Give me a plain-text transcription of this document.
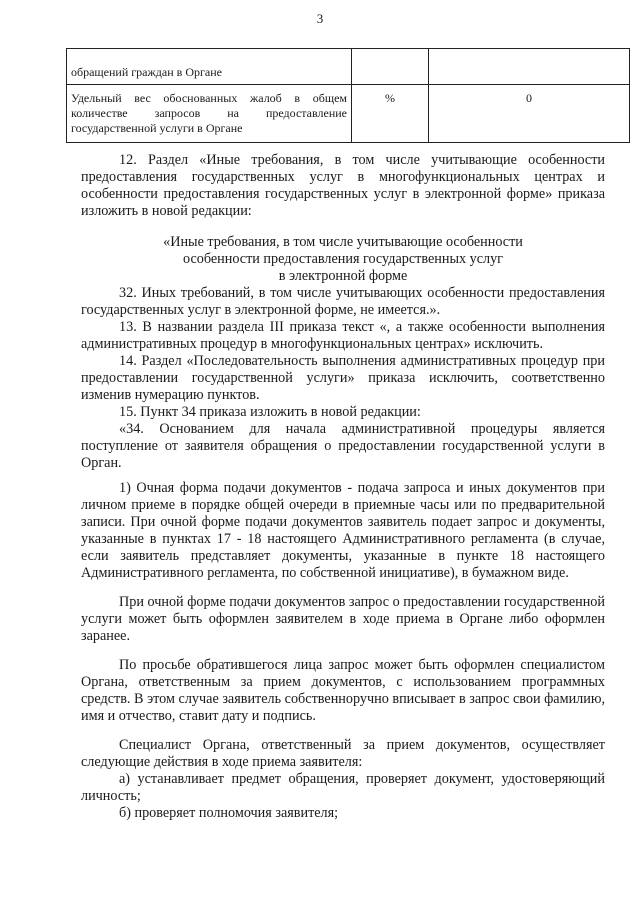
3
обращений граждан в Органе		
Удельный вес обоснованных жалоб в общем количестве запросов на предоставление государственной услуги в Органе	%	0

12. Раздел «Иные требования, в том числе учитывающие особенности предоставления государственных услуг в многофункциональных центрах и особенности предоставления государственных услуг в электронной форме» приказа изложить в новой редакции:

«Иные требования, в том числе учитывающие особенности

особенности предоставления государственных услуг

в электронной форме

32. Иных требований, в том числе учитывающих особенности предоставления государственных услуг в электронной форме, не имеется.».

13. В названии раздела III приказа текст «, а также особенности выполнения административных процедур в многофункциональных центрах» исключить.

14. Раздел «Последовательность выполнения административных процедур при предоставлении государственной услуги» приказа исключить, соответственно изменив нумерацию пунктов.

15. Пункт 34 приказа изложить в новой редакции:

«34. Основанием для начала административной процедуры является поступление от заявителя обращения о предоставлении государственной услуги в Орган.

1) Очная форма подачи документов - подача запроса и иных документов при личном приеме в порядке общей очереди в приемные часы или по предварительной записи. При очной форме подачи документов заявитель подает запрос и документы, указанные в пунктах 17 - 18 настоящего Административного регламента (в случае, если заявитель представляет документы, указанные в пункте 18 настоящего Административного регламента, по собственной инициативе), в бумажном виде.

При очной форме подачи документов запрос о предоставлении государственной услуги может быть оформлен заявителем в ходе приема в Органе либо оформлен заранее.

По просьбе обратившегося лица запрос может быть оформлен специалистом Органа, ответственным за прием документов, с использованием программных средств. В этом случае заявитель собственноручно вписывает в запрос свои фамилию, имя и отчество, ставит дату и подпись.

Специалист Органа, ответственный за прием документов, осуществляет следующие действия в ходе приема заявителя:

а) устанавливает предмет обращения, проверяет документ, удостоверяющий личность;

б) проверяет полномочия заявителя;
